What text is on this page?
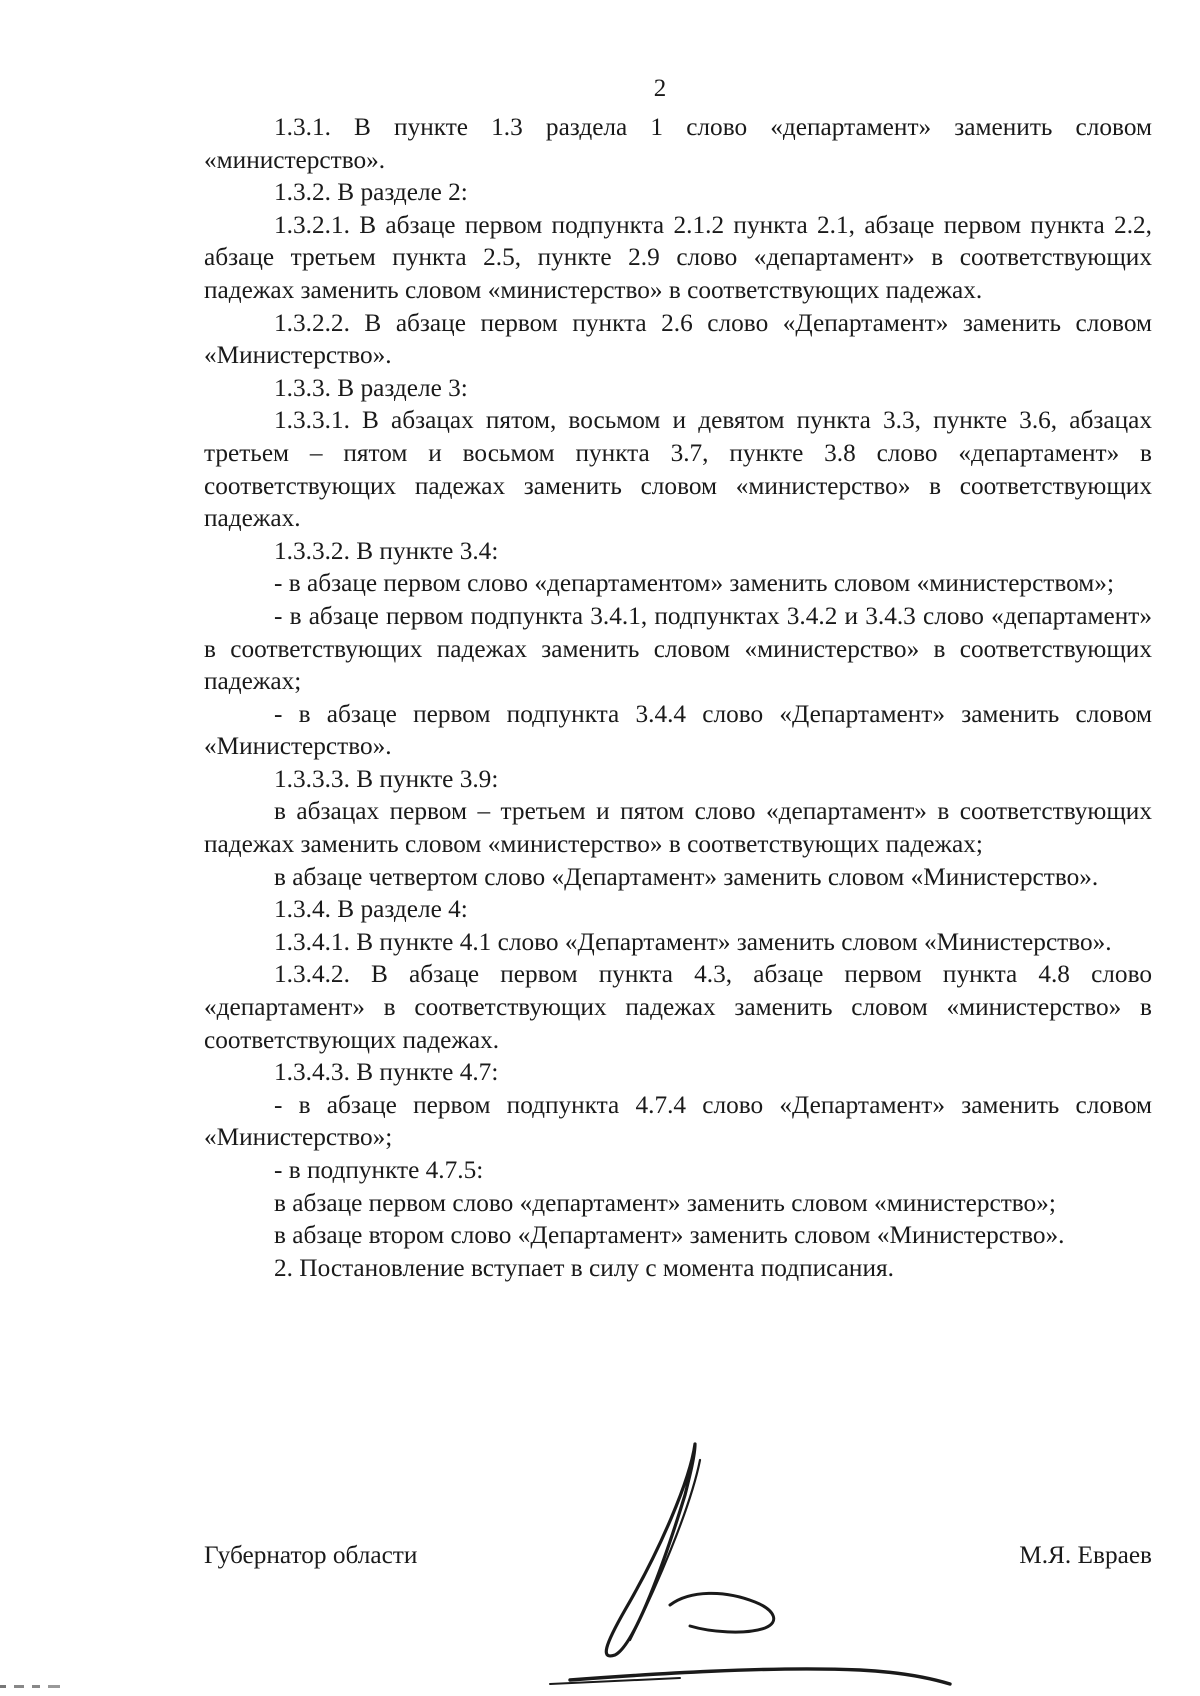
2

1.3.1. В пункте 1.3 раздела 1 слово «департамент» заменить словом «министерство».

1.3.2. В разделе 2:

1.3.2.1. В абзаце первом подпункта 2.1.2 пункта 2.1, абзаце первом пункта 2.2, абзаце третьем пункта 2.5, пункте 2.9 слово «департамент» в соответствующих падежах заменить словом «министерство» в соответствующих падежах.

1.3.2.2. В абзаце первом пункта 2.6 слово «Департамент» заменить словом «Министерство».

1.3.3. В разделе 3:

1.3.3.1. В абзацах пятом, восьмом и девятом пункта 3.3, пункте 3.6, абзацах третьем – пятом и восьмом пункта 3.7, пункте 3.8 слово «департамент» в соответствующих падежах заменить словом «министерство» в соответствующих падежах.

1.3.3.2. В пункте 3.4:

- в абзаце первом слово «департаментом» заменить словом «министерством»;

- в абзаце первом подпункта 3.4.1, подпунктах 3.4.2 и 3.4.3 слово «департамент» в соответствующих падежах заменить словом «министерство» в соответствующих падежах;

- в абзаце первом подпункта 3.4.4 слово «Департамент» заменить словом «Министерство».

1.3.3.3. В пункте 3.9:

в абзацах первом – третьем и пятом слово «департамент» в соответствующих падежах заменить словом «министерство» в соответствующих падежах;

в абзаце четвертом слово «Департамент» заменить словом «Министерство».

1.3.4. В разделе 4:

1.3.4.1. В пункте 4.1 слово «Департамент» заменить словом «Министерство».

1.3.4.2. В абзаце первом пункта 4.3, абзаце первом пункта 4.8 слово «департамент» в соответствующих падежах заменить словом «министерство» в соответствующих падежах.

1.3.4.3. В пункте 4.7:

- в абзаце первом подпункта 4.7.4 слово «Департамент» заменить словом «Министерство»;

- в подпункте 4.7.5:

в абзаце первом слово «департамент» заменить словом «министерство»;

в абзаце втором слово «Департамент» заменить словом «Министерство».

2. Постановление вступает в силу с момента подписания.

Губернатор области	М.Я. Евраев
